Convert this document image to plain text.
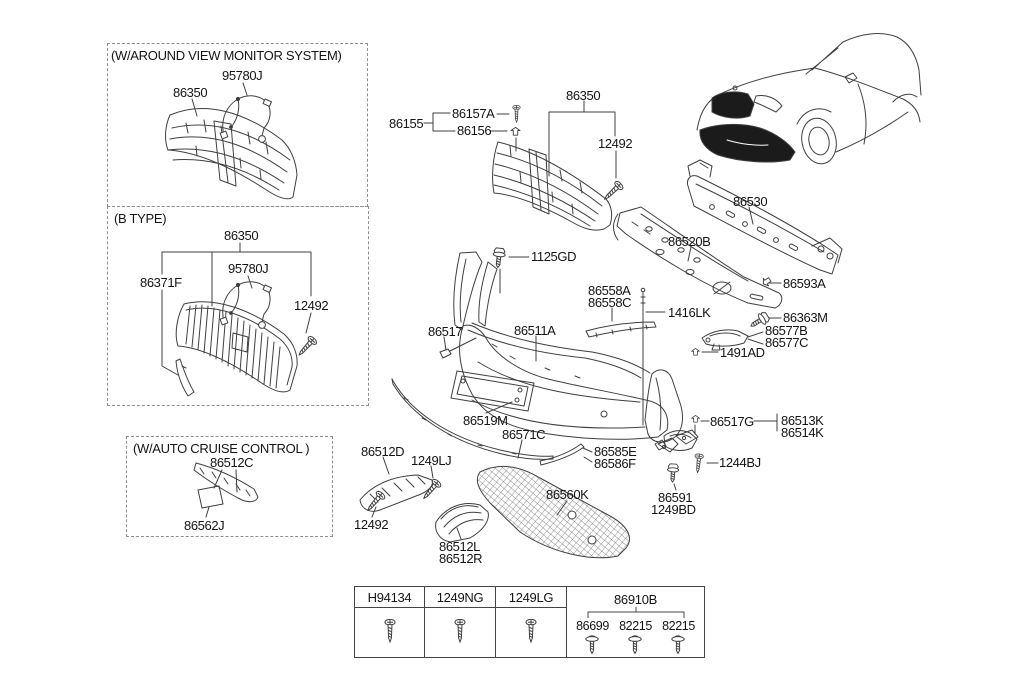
(W/AROUND VIEW MONITOR SYSTEM)
95780J
86350
(B TYPE)
86350
95780J
86371F
12492
(W/AUTO CRUISE CONTROL )
86512C
86562J
86155
86157A
86156
86350
12492
1125GD
86517	86511A
86558A
86558C
1416LK
86530
86520B
86593A
86363M
86577B
86577C
1491AD
86519M
86571C
86585E
86586F
86512D
1249LJ
12492
86512L
86512R
86560K
86517G 86513K
86514K
1244BJ
86591
1249BD
H94134	1249NG	1249LG	86910B
86699 82215 82215
